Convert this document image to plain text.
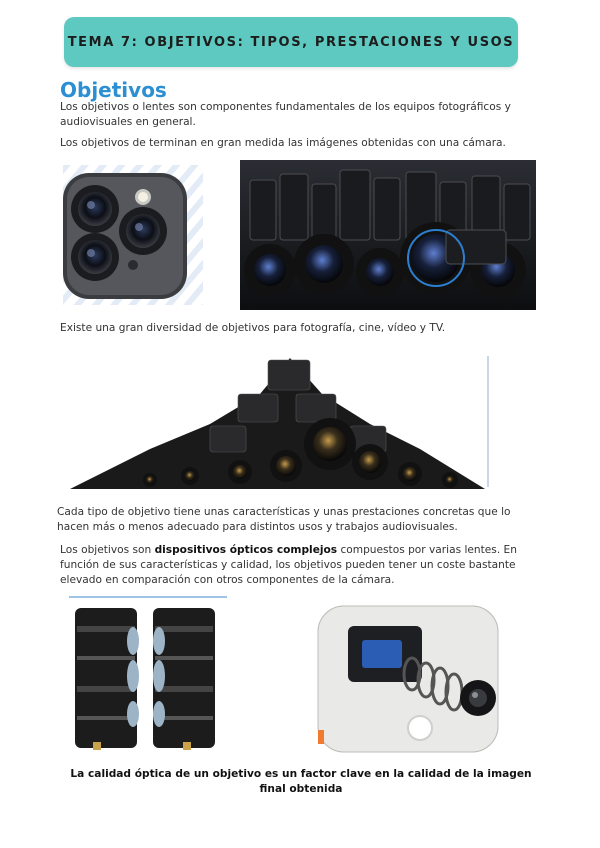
TEMA 7: OBJETIVOS: TIPOS, PRESTACIONES Y USOS
Objetivos

Los objetivos o lentes son componentes fundamentales de los equipos fotográficos y audiovisuales en general.

Los objetivos de terminan en gran medida las imágenes obtenidas con una cámara.

Existe una gran diversidad de objetivos para fotografía, cine, vídeo y TV.

Cada tipo de objetivo tiene unas características y unas prestaciones concretas que lo hacen más o menos adecuado para distintos usos y trabajos audiovisuales.

Los objetivos son dispositivos ópticos complejos compuestos por varias lentes. En función de sus características y calidad, los objetivos pueden tener un coste bastante elevado en comparación con otros componentes de la cámara.

La calidad óptica de un objetivo es un factor clave en la calidad de la imagen final obtenida
